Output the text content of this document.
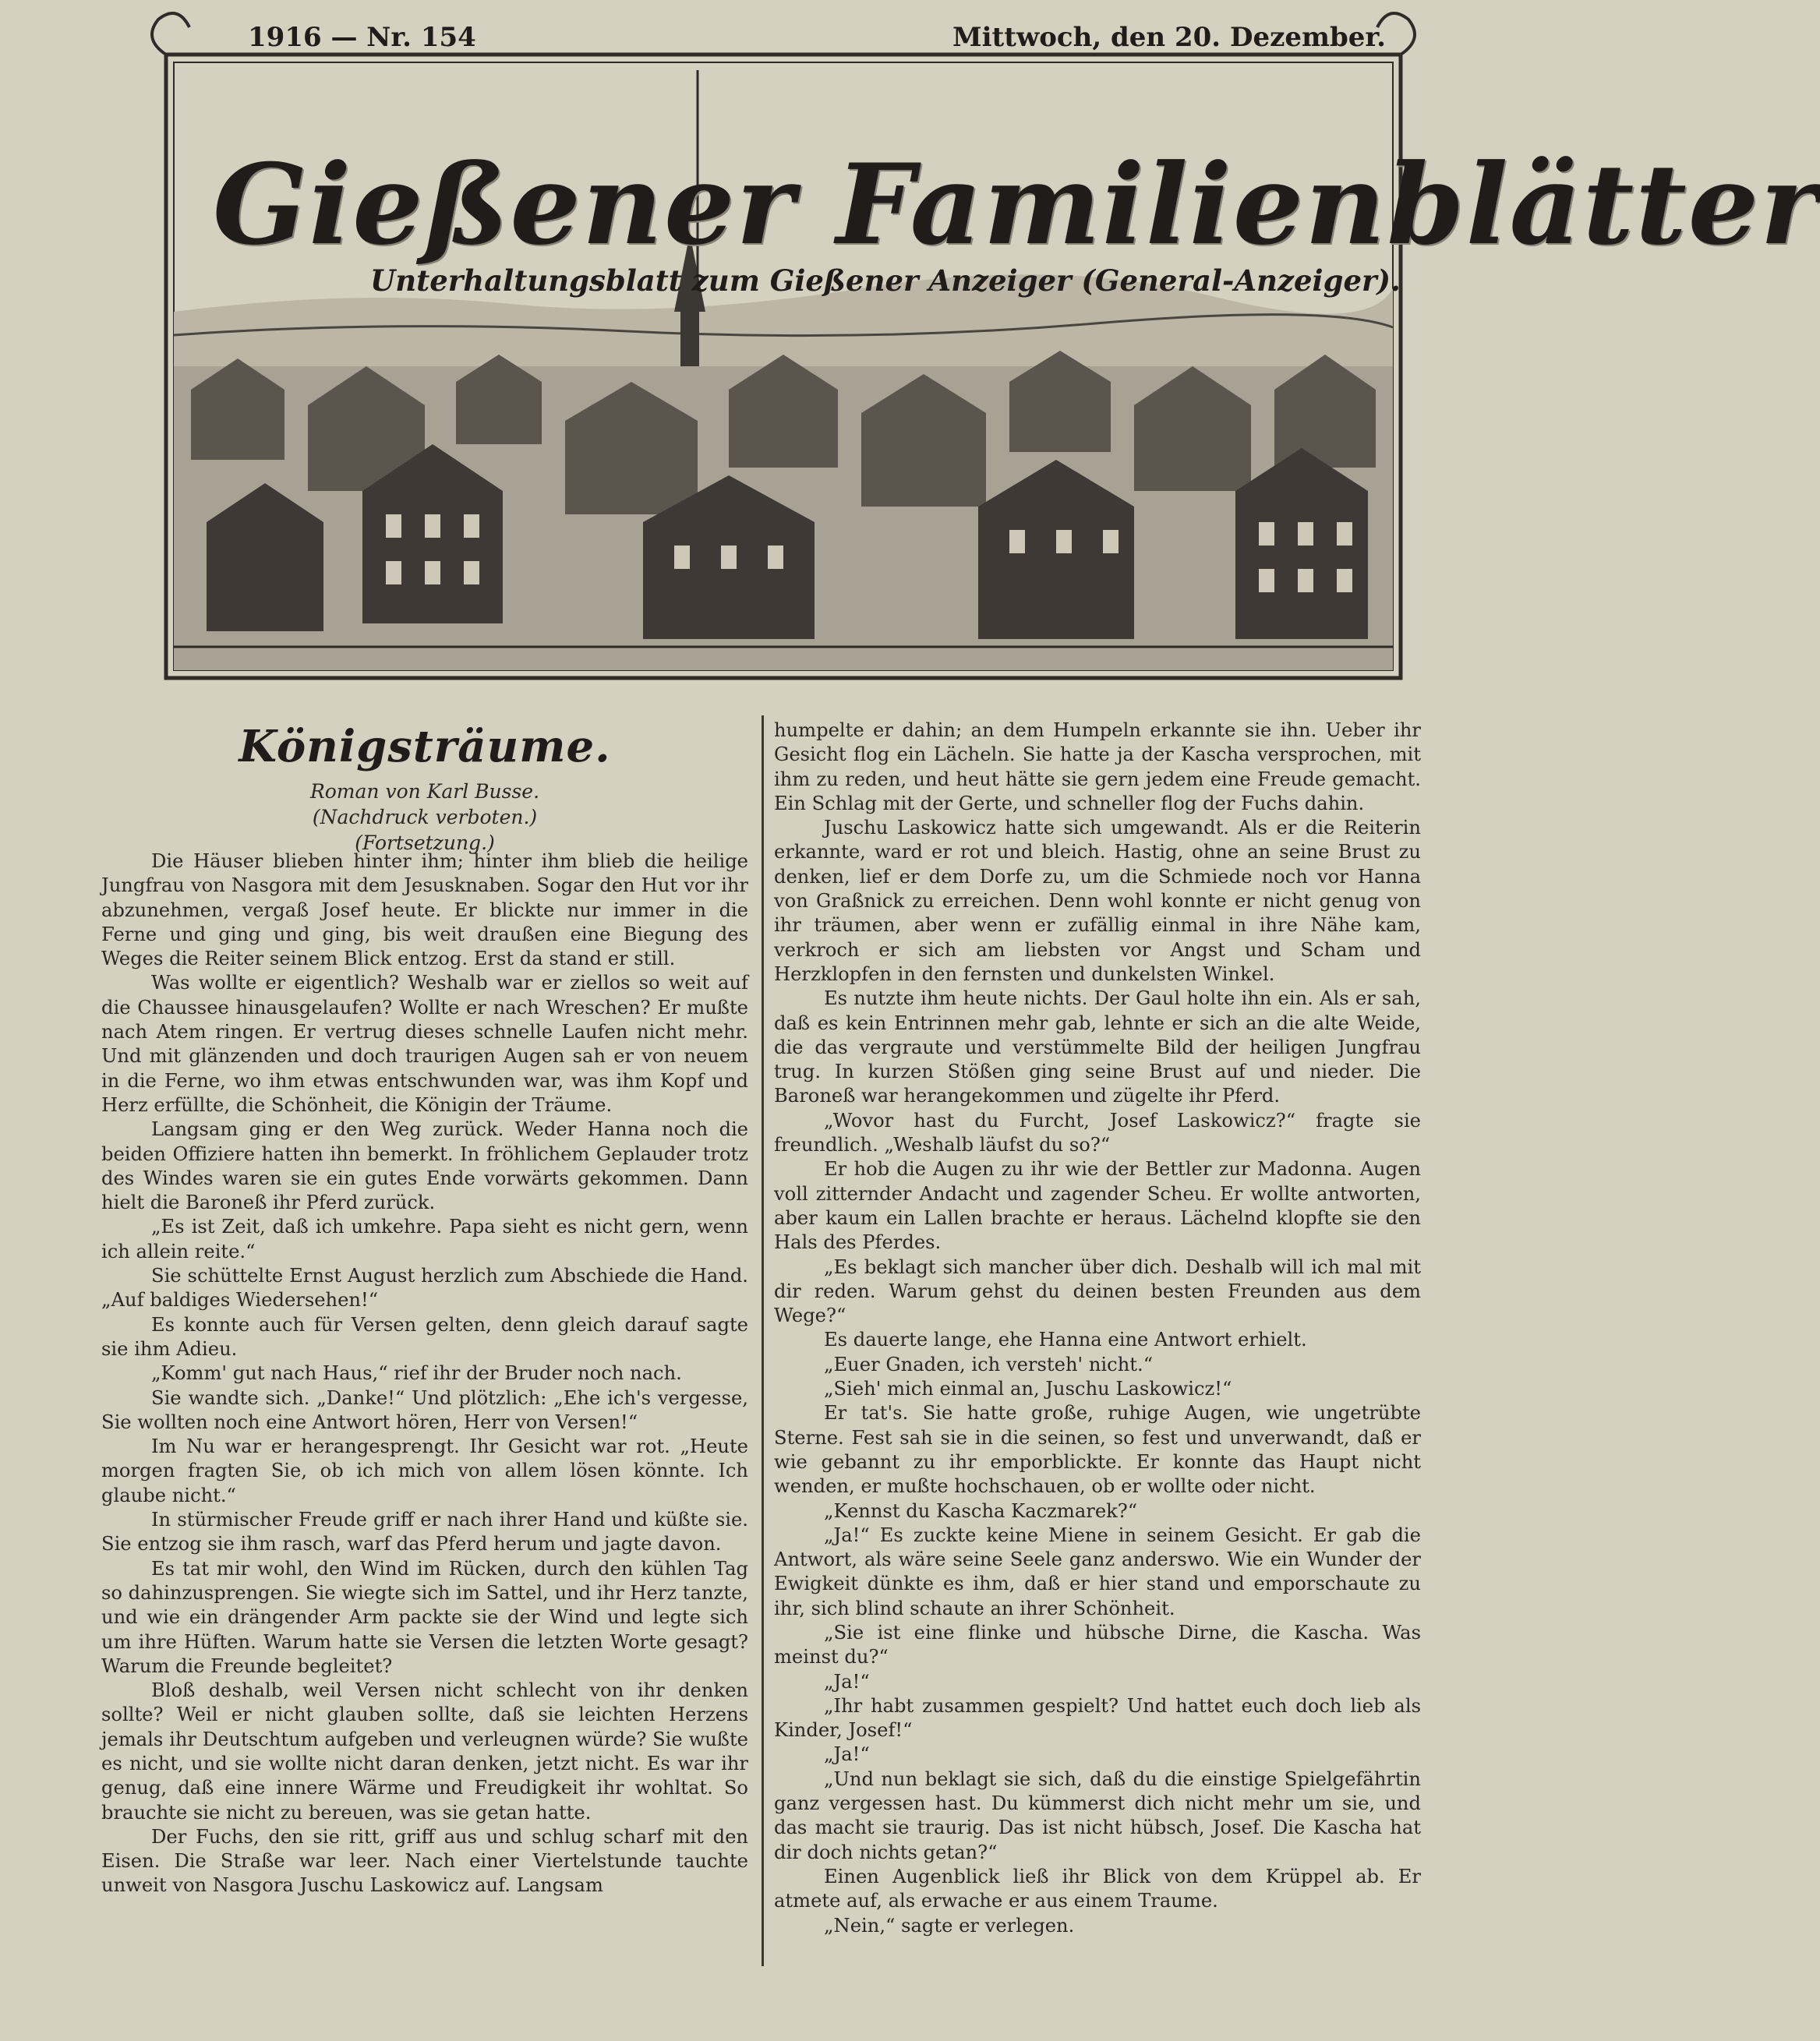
1916 — Nr. 154	Mittwoch, den 20. Dezember.
Gießener Familienblätter
Unterhaltungsblatt zum Gießener Anzeiger (General-Anzeiger).
Königsträume.
Roman von Karl Busse.
(Nachdruck verboten.)
(Fortsetzung.)

Die Häuser blieben hinter ihm; hinter ihm blieb die heilige Jungfrau von Nasgora mit dem Jesusknaben. Sogar den Hut vor ihr abzunehmen, vergaß Josef heute. Er blickte nur immer in die Ferne und ging und ging, bis weit draußen eine Biegung des Weges die Reiter seinem Blick entzog. Erst da stand er still.

Was wollte er eigentlich? Weshalb war er ziellos so weit auf die Chaussee hinausgelaufen? Wollte er nach Wreschen? Er mußte nach Atem ringen. Er vertrug dieses schnelle Laufen nicht mehr. Und mit glänzenden und doch traurigen Augen sah er von neuem in die Ferne, wo ihm etwas entschwunden war, was ihm Kopf und Herz erfüllte, die Schönheit, die Königin der Träume.

Langsam ging er den Weg zurück. Weder Hanna noch die beiden Offiziere hatten ihn bemerkt. In fröhlichem Geplauder trotz des Windes waren sie ein gutes Ende vorwärts gekommen. Dann hielt die Baroneß ihr Pferd zurück.

„Es ist Zeit, daß ich umkehre. Papa sieht es nicht gern, wenn ich allein reite.“

Sie schüttelte Ernst August herzlich zum Abschiede die Hand. „Auf baldiges Wiedersehen!“

Es konnte auch für Versen gelten, denn gleich darauf sagte sie ihm Adieu.

„Komm' gut nach Haus,“ rief ihr der Bruder noch nach.

Sie wandte sich. „Danke!“ Und plötzlich: „Ehe ich's vergesse, Sie wollten noch eine Antwort hören, Herr von Versen!“

Im Nu war er herangesprengt. Ihr Gesicht war rot. „Heute morgen fragten Sie, ob ich mich von allem lösen könnte. Ich glaube nicht.“

In stürmischer Freude griff er nach ihrer Hand und küßte sie. Sie entzog sie ihm rasch, warf das Pferd herum und jagte davon.

Es tat mir wohl, den Wind im Rücken, durch den kühlen Tag so dahinzusprengen. Sie wiegte sich im Sattel, und ihr Herz tanzte, und wie ein drängender Arm packte sie der Wind und legte sich um ihre Hüften. Warum hatte sie Versen die letzten Worte gesagt? Warum die Freunde begleitet?

Bloß deshalb, weil Versen nicht schlecht von ihr denken sollte? Weil er nicht glauben sollte, daß sie leichten Herzens jemals ihr Deutschtum aufgeben und verleugnen würde? Sie wußte es nicht, und sie wollte nicht daran denken, jetzt nicht. Es war ihr genug, daß eine innere Wärme und Freudigkeit ihr wohltat. So brauchte sie nicht zu bereuen, was sie getan hatte.

Der Fuchs, den sie ritt, griff aus und schlug scharf mit den Eisen. Die Straße war leer. Nach einer Viertelstunde tauchte unweit von Nasgora Juschu Laskowicz auf. Langsam

humpelte er dahin; an dem Humpeln erkannte sie ihn. Ueber ihr Gesicht flog ein Lächeln. Sie hatte ja der Kascha versprochen, mit ihm zu reden, und heut hätte sie gern jedem eine Freude gemacht. Ein Schlag mit der Gerte, und schneller flog der Fuchs dahin.

Juschu Laskowicz hatte sich umgewandt. Als er die Reiterin erkannte, ward er rot und bleich. Hastig, ohne an seine Brust zu denken, lief er dem Dorfe zu, um die Schmiede noch vor Hanna von Graßnick zu erreichen. Denn wohl konnte er nicht genug von ihr träumen, aber wenn er zufällig einmal in ihre Nähe kam, verkroch er sich am liebsten vor Angst und Scham und Herzklopfen in den fernsten und dunkelsten Winkel.

Es nutzte ihm heute nichts. Der Gaul holte ihn ein. Als er sah, daß es kein Entrinnen mehr gab, lehnte er sich an die alte Weide, die das vergraute und verstümmelte Bild der heiligen Jungfrau trug. In kurzen Stößen ging seine Brust auf und nieder. Die Baroneß war herangekommen und zügelte ihr Pferd.

„Wovor hast du Furcht, Josef Laskowicz?“ fragte sie freundlich. „Weshalb läufst du so?“

Er hob die Augen zu ihr wie der Bettler zur Madonna. Augen voll zitternder Andacht und zagender Scheu. Er wollte antworten, aber kaum ein Lallen brachte er heraus. Lächelnd klopfte sie den Hals des Pferdes.

„Es beklagt sich mancher über dich. Deshalb will ich mal mit dir reden. Warum gehst du deinen besten Freunden aus dem Wege?“

Es dauerte lange, ehe Hanna eine Antwort erhielt.

„Euer Gnaden, ich versteh' nicht.“

„Sieh' mich einmal an, Juschu Laskowicz!“

Er tat's. Sie hatte große, ruhige Augen, wie ungetrübte Sterne. Fest sah sie in die seinen, so fest und unverwandt, daß er wie gebannt zu ihr emporblickte. Er konnte das Haupt nicht wenden, er mußte hochschauen, ob er wollte oder nicht.

„Kennst du Kascha Kaczmarek?“

„Ja!“ Es zuckte keine Miene in seinem Gesicht. Er gab die Antwort, als wäre seine Seele ganz anderswo. Wie ein Wunder der Ewigkeit dünkte es ihm, daß er hier stand und emporschaute zu ihr, sich blind schaute an ihrer Schönheit.

„Sie ist eine flinke und hübsche Dirne, die Kascha. Was meinst du?“

„Ja!“

„Ihr habt zusammen gespielt? Und hattet euch doch lieb als Kinder, Josef!“

„Ja!“

„Und nun beklagt sie sich, daß du die einstige Spielgefährtin ganz vergessen hast. Du kümmerst dich nicht mehr um sie, und das macht sie traurig. Das ist nicht hübsch, Josef. Die Kascha hat dir doch nichts getan?“

Einen Augenblick ließ ihr Blick von dem Krüppel ab. Er atmete auf, als erwache er aus einem Traume.

„Nein,“ sagte er verlegen.
